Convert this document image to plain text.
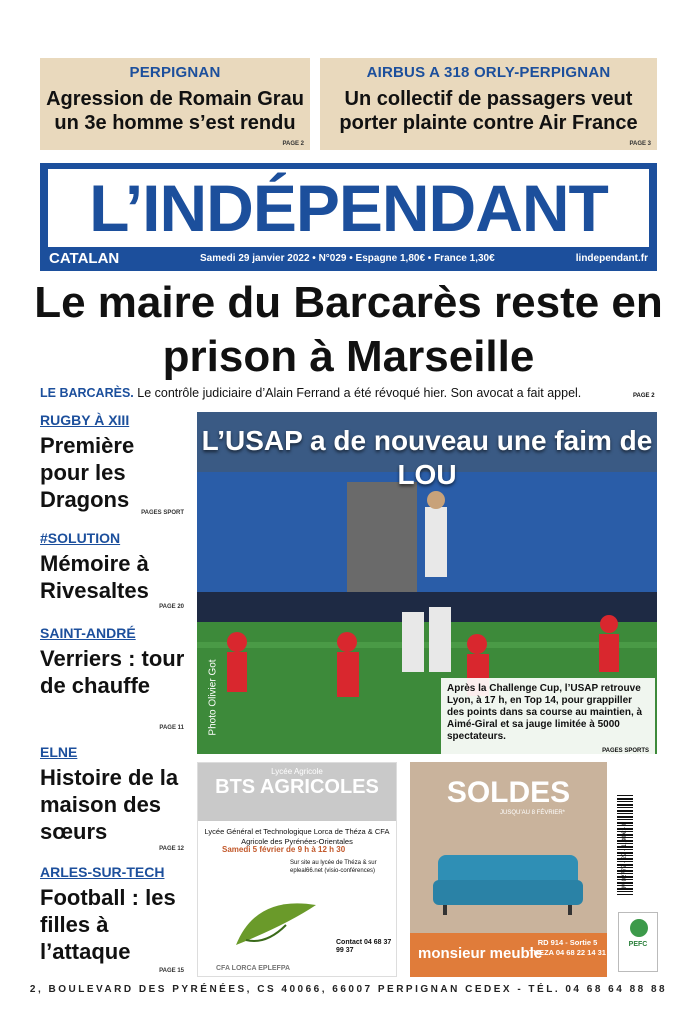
PERPIGNAN
Agression de Romain Grau un 3e homme s’est rendu
PAGE 2
AIRBUS A 318 ORLY-PERPIGNAN
Un collectif de passagers veut porter plainte contre Air France
PAGE 3
L’INDÉPENDANT
CATALAN	Samedi 29 janvier 2022 • N°029 • Espagne 1,80€ • France 1,30€	lindependant.fr
Le maire du Barcarès reste en prison à Marseille
LE BARCARÈS. Le contrôle judiciaire d’Alain Ferrand a été révoqué hier. Son avocat a fait appel.	PAGE 2
RUGBY À XIII
Première pour les Dragons
PAGES SPORT
#SOLUTION
Mémoire à Rivesaltes
PAGE 20
SAINT-ANDRÉ
Verriers : tour de chauffe
PAGE 11
ELNE
Histoire de la maison des sœurs
PAGE 12
ARLES-SUR-TECH
Football : les filles à l’attaque
PAGE 15
L’USAP a de nouveau une faim de LOU
Photo Olivier Got	Après la Challenge Cup, l’USAP retrouve Lyon, à 17 h, en Top 14, pour grappiller des points dans sa course au maintien, à Aimé-Giral et sa jauge limitée à 5000 spectateurs.
PAGES SPORTS
Lycée Agricole
BTS AGRICOLES
Lycée Général et Technologique Lorca de Théza & CFA Agricole des Pyrénées-Orientales
Samedi 5 février de 9 h à 12 h 30
Sur site au lycée de Théza & sur epleal66.net (visio-conférences)
Contact 04 68 37 99 37
CFA LORCA EPLEFPA
SOLDES
JUSQU’AU 8 FÉVRIER*
monsieur meuble
RD 914 - Sortie 5 THEZA 04 68 22 14 31
M 02777 - 29 - 1,30 € - 0
PEFC
2, BOULEVARD DES PYRÉNÉES, CS 40066, 66007 PERPIGNAN CEDEX - TÉL. 04 68 64 88 88
